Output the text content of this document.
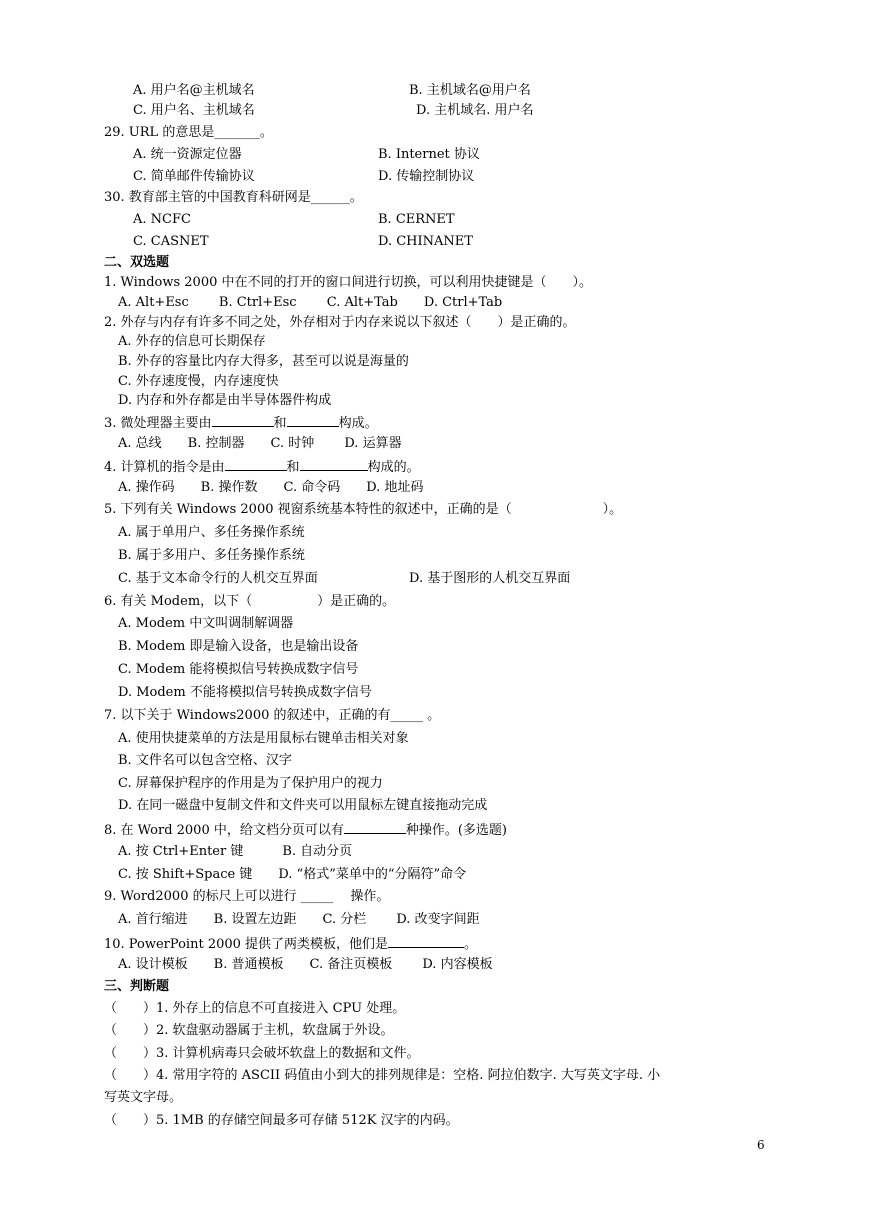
A. 用户名@主机域名	B. 主机域名@用户名
C. 用户名、主机域名	D. 主机域名. 用户名
29. URL 的意思是_______。
A. 统一资源定位器	B. Internet 协议
C. 简单邮件传输协议	D. 传输控制协议
30. 教育部主管的中国教育科研网是______。
A. NCFC	B. CERNET
C. CASNET	D. CHINANET
二、双选题
1. Windows 2000 中在不同的打开的窗口间进行切换，可以利用快捷键是（　　）。
A. Alt+Esc　　 B. Ctrl+Esc　　 C. Alt+Tab　　D. Ctrl+Tab
2. 外存与内存有许多不同之处，外存相对于内存来说以下叙述（　　）是正确的。
A. 外存的信息可长期保存
B. 外存的容量比内存大得多，甚至可以说是海量的
C. 外存速度慢，内存速度快
D. 内存和外存都是由半导体器件构成
3. 微处理器主要由	和	构成。
A. 总线　　B. 控制器　　C. 时钟　　 D. 运算器
4. 计算机的指令是由	和	构成的。
A. 操作码　　B. 操作数　　C. 命令码　　D. 地址码
5. 下列有关 Windows 2000 视窗系统基本特性的叙述中，正确的是（　　　　　　　）。
A. 属于单用户、多任务操作系统
B. 属于多用户、多任务操作系统
C. 基于文本命令行的人机交互界面	D. 基于图形的人机交互界面
6. 有关 Modem，以下（　　　　　）是正确的。
A. Modem 中文叫调制解调器
B. Modem 即是输入设备，也是输出设备
C. Modem 能将模拟信号转换成数字信号
D. Modem 不能将模拟信号转换成数字信号
7. 以下关于 Windows2000 的叙述中，正确的有_____ 。
A. 使用快捷菜单的方法是用鼠标右键单击相关对象
B. 文件名可以包含空格、汉字
C. 屏幕保护程序的作用是为了保护用户的视力
D. 在同一磁盘中复制文件和文件夹可以用鼠标左键直接拖动完成
8. 在 Word 2000 中，给文档分页可以有	种操作。(多选题)
A. 按 Ctrl+Enter 键　　　B. 自动分页
C. 按 Shift+Space 键　　D. “格式”菜单中的“分隔符”命令
9. Word2000 的标尺上可以进行 _____　 操作。
A. 首行缩进　　B. 设置左边距　　C. 分栏　　 D. 改变字间距
10. PowerPoint 2000 提供了两类模板，他们是	。
A. 设计模板　　B. 普通模板　　C. 备注页模板　　 D. 内容模板
三、判断题
（　　）1. 外存上的信息不可直接进入 CPU 处理。
（　　）2. 软盘驱动器属于主机，软盘属于外设。
（　　）3. 计算机病毒只会破坏软盘上的数据和文件。
（　　）4. 常用字符的 ASCII 码值由小到大的排列规律是：空格. 阿拉伯数字. 大写英文字母. 小
写英文字母。
（　　）5. 1MB 的存储空间最多可存储 512K 汉字的内码。
6
